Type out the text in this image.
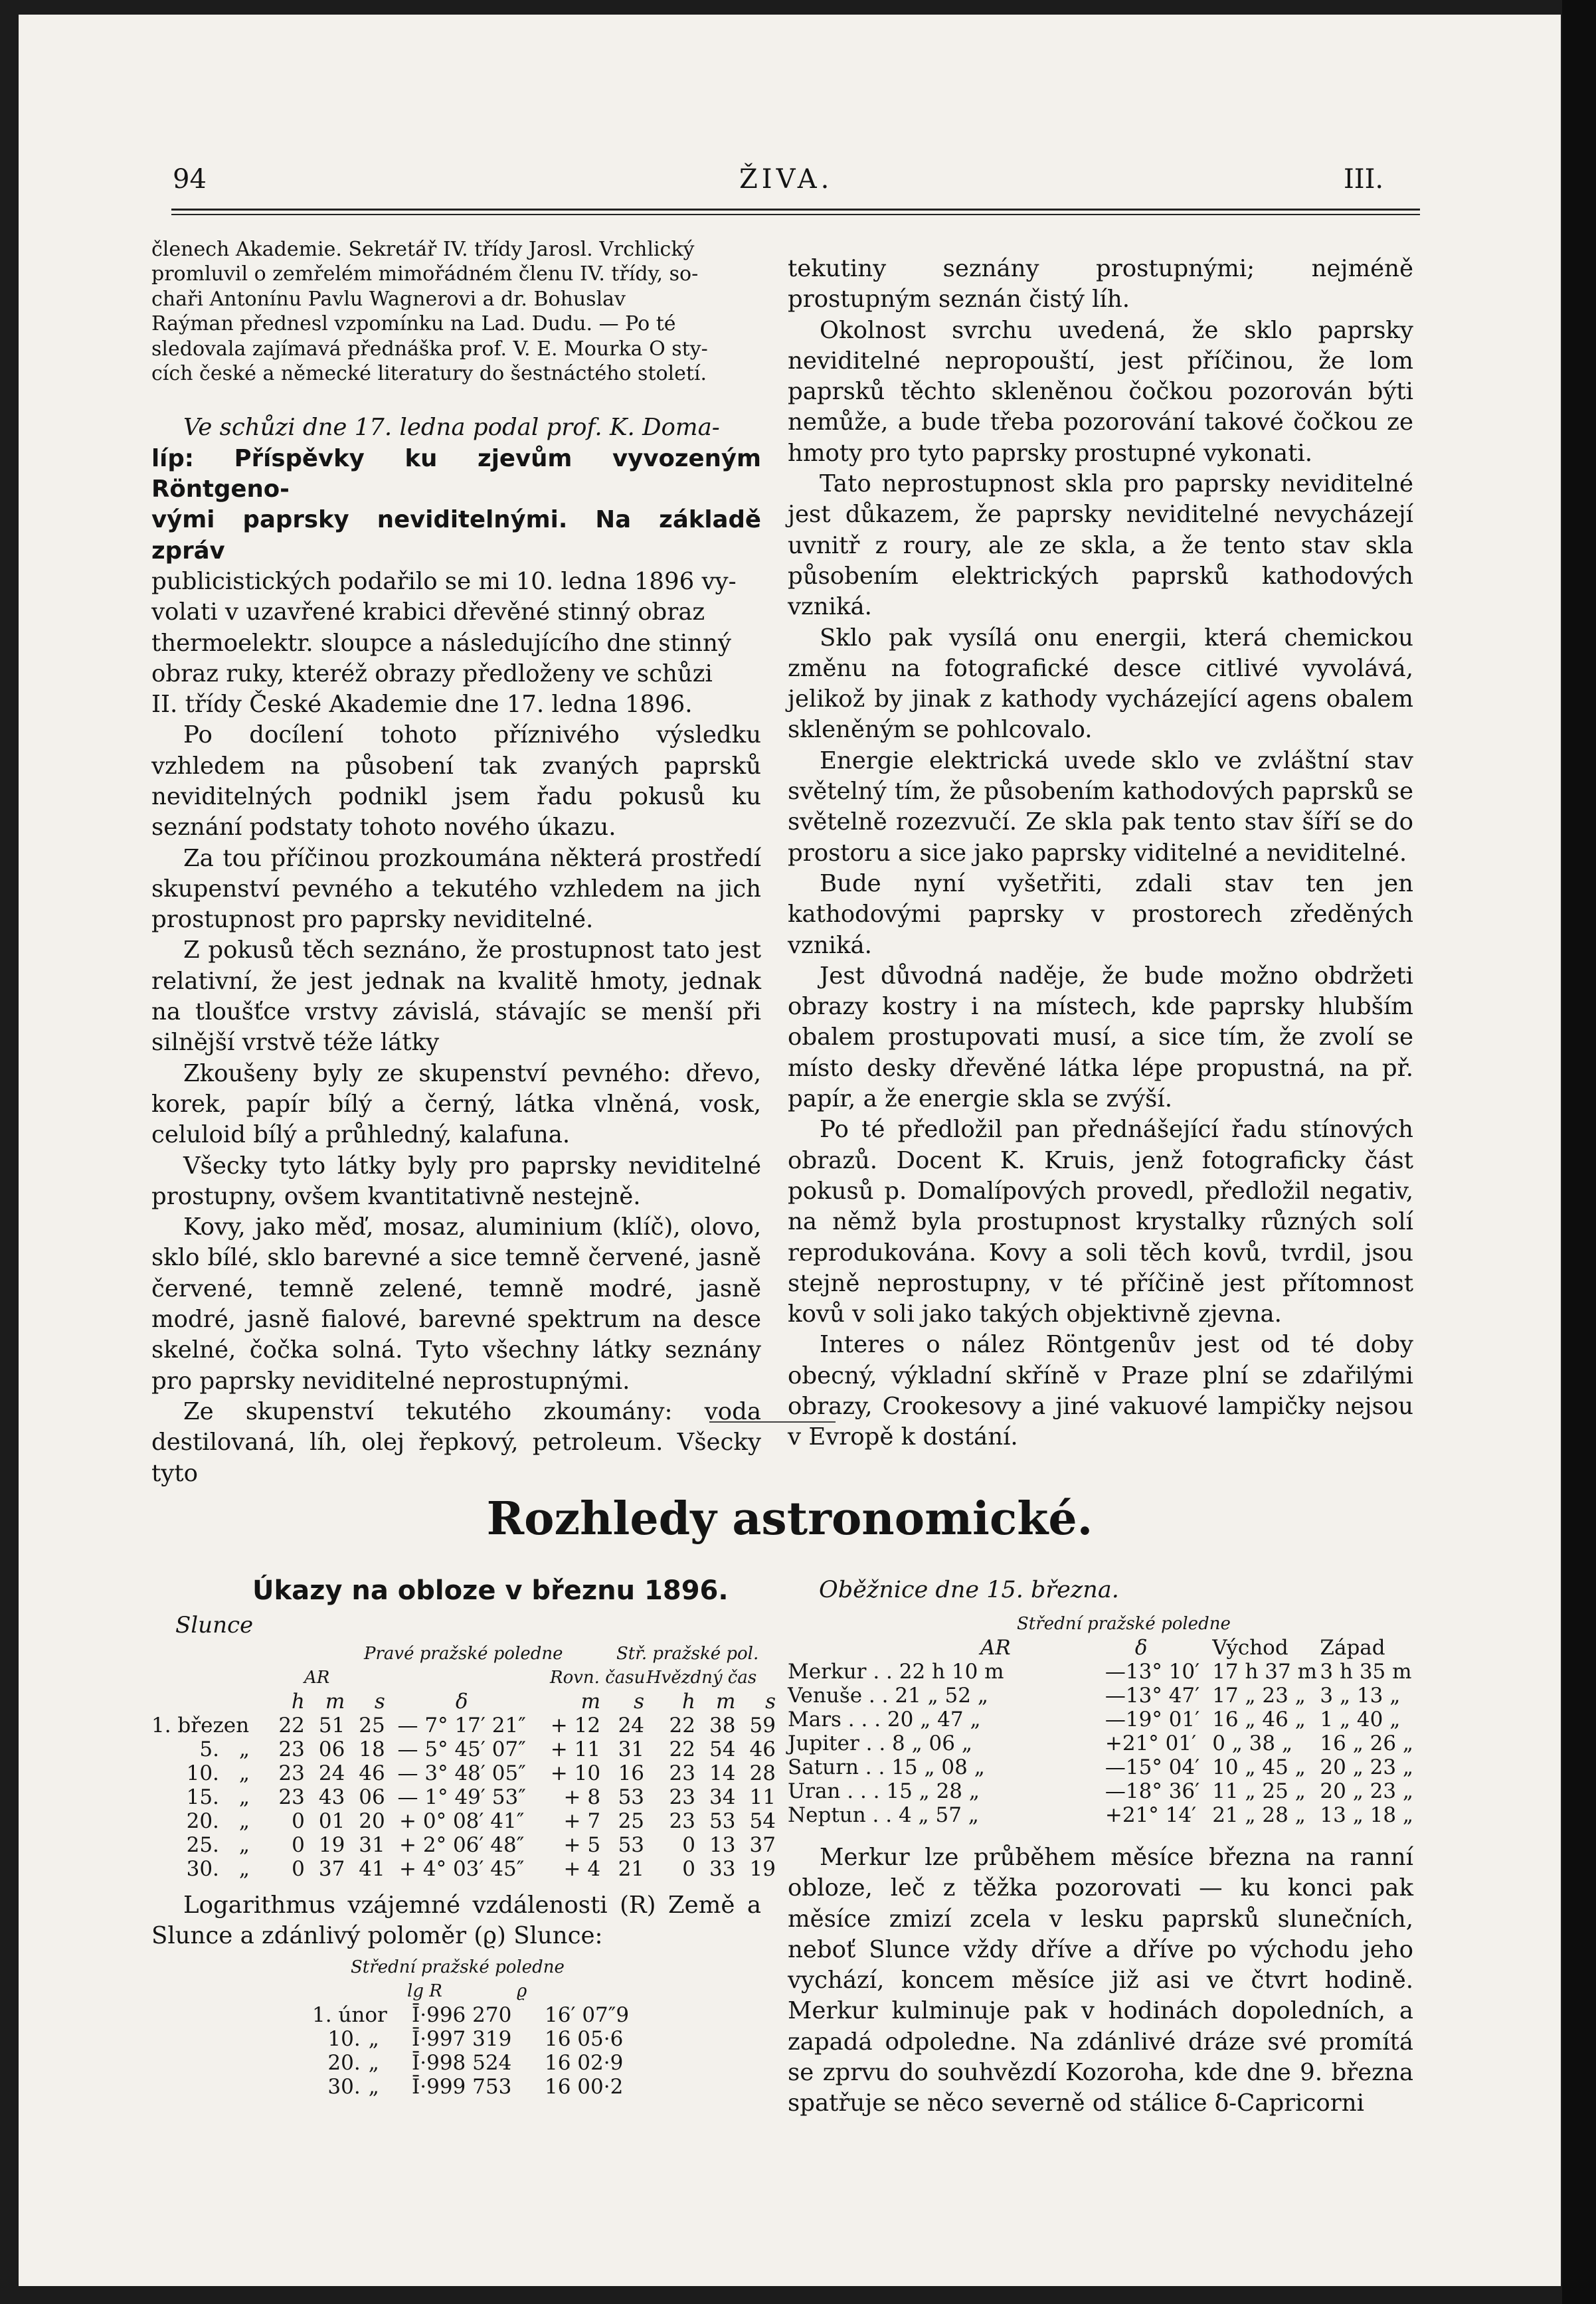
94	ŽIVA.	III.
členech Akademie. Sekretář IV. třídy Jarosl. Vrchlický
promluvil o zemřelém mimořádném členu IV. třídy, so-
chaři Antonínu Pavlu Wagnerovi a dr. Bohuslav
Raýman přednesl vzpomínku na Lad. Dudu. — Po té
sledovala zajímavá přednáška prof. V. E. Mourka O sty-
cích české a německé literatury do šestnáctého století.
Ve schůzi dne 17. ledna podal prof. K. Doma-
líp: Příspěvky ku zjevům vyvozeným Röntgeno-
vými paprsky neviditelnými. Na základě zpráv
publicistických podařilo se mi 10. ledna 1896 vy-
volati v uzavřené krabici dřevěné stinný obraz
thermoelektr. sloupce a následujícího dne stinný
obraz ruky, kteréž obrazy předloženy ve schůzi
II. třídy České Akademie dne 17. ledna 1896.

Po docílení tohoto příznivého výsledku vzhledem na působení tak zvaných paprsků neviditelných podnikl jsem řadu pokusů ku seznání podstaty tohoto nového úkazu.

Za tou příčinou prozkoumána některá prostředí skupenství pevného a tekutého vzhledem na jich prostupnost pro paprsky neviditelné.

Z pokusů těch seznáno, že prostupnost tato jest relativní, že jest jednak na kvalitě hmoty, jednak na tloušťce vrstvy závislá, stávajíc se menší při silnější vrstvě téže látky

Zkoušeny byly ze skupenství pevného: dřevo, korek, papír bílý a černý, látka vlněná, vosk, celuloid bílý a průhledný, kalafuna.

Všecky tyto látky byly pro paprsky neviditelné prostupny, ovšem kvantitativně nestejně.

Kovy, jako měď, mosaz, aluminium (klíč), olovo, sklo bílé, sklo barevné a sice temně červené, jasně červené, temně zelené, temně modré, jasně modré, jasně fialové, barevné spektrum na desce skelné, čočka solná. Tyto všechny látky seznány pro paprsky neviditelné neprostupnými.

Ze skupenství tekutého zkoumány: voda destilovaná, líh, olej řepkový, petroleum. Všecky tyto

tekutiny seznány prostupnými; nejméně prostupným seznán čistý líh.

Okolnost svrchu uvedená, že sklo paprsky neviditelné nepropouští, jest příčinou, že lom paprsků těchto skleněnou čočkou pozorován býti nemůže, a bude třeba pozorování takové čočkou ze hmoty pro tyto paprsky prostupné vykonati.

Tato neprostupnost skla pro paprsky neviditelné jest důkazem, že paprsky neviditelné nevycházejí uvnitř z roury, ale ze skla, a že tento stav skla působením elektrických paprsků kathodových vzniká.

Sklo pak vysílá onu energii, která chemickou změnu na fotografické desce citlivé vyvolává, jelikož by jinak z kathody vycházející agens obalem skleněným se pohlcovalo.

Energie elektrická uvede sklo ve zvláštní stav světelný tím, že působením kathodových paprsků se světelně rozezvučí. Ze skla pak tento stav šíří se do prostoru a sice jako paprsky viditelné a neviditelné.

Bude nyní vyšetřiti, zdali stav ten jen kathodovými paprsky v prostorech zředěných vzniká.

Jest důvodná naděje, že bude možno obdržeti obrazy kostry i na místech, kde paprsky hlubším obalem prostupovati musí, a sice tím, že zvolí se místo desky dřevěné látka lépe propustná, na př. papír, a že energie skla se zvýší.

Po té předložil pan přednášející řadu stínových obrazů. Docent K. Kruis, jenž fotograficky část pokusů p. Domalípových provedl, předložil negativ, na němž byla prostupnost krystalky různých solí reprodukována. Kovy a soli těch kovů, tvrdil, jsou stejně neprostupny, v té příčině jest přítomnost kovů v soli jako takých objektivně zjevna.

Interes o nález Röntgenův jest od té doby obecný, výkladní skříně v Praze plní se zdařilými obrazy, Crookesovy a jiné vakuové lampičky nejsou v Evropě k dostání.

Rozhledy astronomické.
Úkazy na obloze v březnu 1896.
Slunce
Pravé pražské poledne	Stř. pražské pol.
AR	Rovn. času Hvězdný čas
		h	m	s	δ	m	s	h	m	s
1. březen		22	51	25	— 7° 17′ 21″	+ 12	24	22	38	59
5.	„	23	06	18	— 5° 45′ 07″	+ 11	31	22	54	46
10.	„	23	24	46	— 3° 48′ 05″	+ 10	16	23	14	28
15.	„	23	43	06	— 1° 49′ 53″	+ 8	53	23	34	11
20.	„	0	01	20	+ 0° 08′ 41″	+ 7	25	23	53	54
25.	„	0	19	31	+ 2° 06′ 48″	+ 5	53	0	13	37
30.	„	0	37	41	+ 4° 03′ 45″	+ 4	21	0	33	19

Logarithmus vzájemné vzdálenosti (R) Země a Slunce a zdánlivý poloměr (ϱ) Slunce:

Střední pražské poledne
lg R	ϱ
1. únor		Ī·996 270	16′ 07″9
10.	„	Ī·997 319	16 05·6
20.	„	Ī·998 524	16 02·9
30.	„	Ī·999 753	16 00·2
Oběžnice dne 15. března.
Střední pražské poledne
AR	δ	Východ	Západ
Merkur . . 22 h 10 m	—13° 10′	17 h 37 m	3 h 35 m
Venuše . . 21 „ 52 „	—13° 47′	17 „ 23 „	3 „ 13 „
Mars . . . 20 „ 47 „	—19° 01′	16 „ 46 „	1 „ 40 „
Jupiter . . 8 „ 06 „	+21° 01′	0 „ 38 „	16 „ 26 „
Saturn . . 15 „ 08 „	—15° 04′	10 „ 45 „	20 „ 23 „
Uran . . . 15 „ 28 „	—18° 36′	11 „ 25 „	20 „ 23 „
Neptun . . 4 „ 57 „	+21° 14′	21 „ 28 „	13 „ 18 „

Merkur lze průběhem měsíce března na ranní obloze, leč z těžka pozorovati — ku konci pak měsíce zmizí zcela v lesku paprsků slunečních, neboť Slunce vždy dříve a dříve po východu jeho vychází, koncem měsíce již asi ve čtvrt hodině. Merkur kulminuje pak v hodinách dopoledních, a zapadá odpoledne. Na zdánlivé dráze své promítá se zprvu do souhvězdí Kozoroha, kde dne 9. března spatřuje se něco severně od stálice δ-Capricorni
